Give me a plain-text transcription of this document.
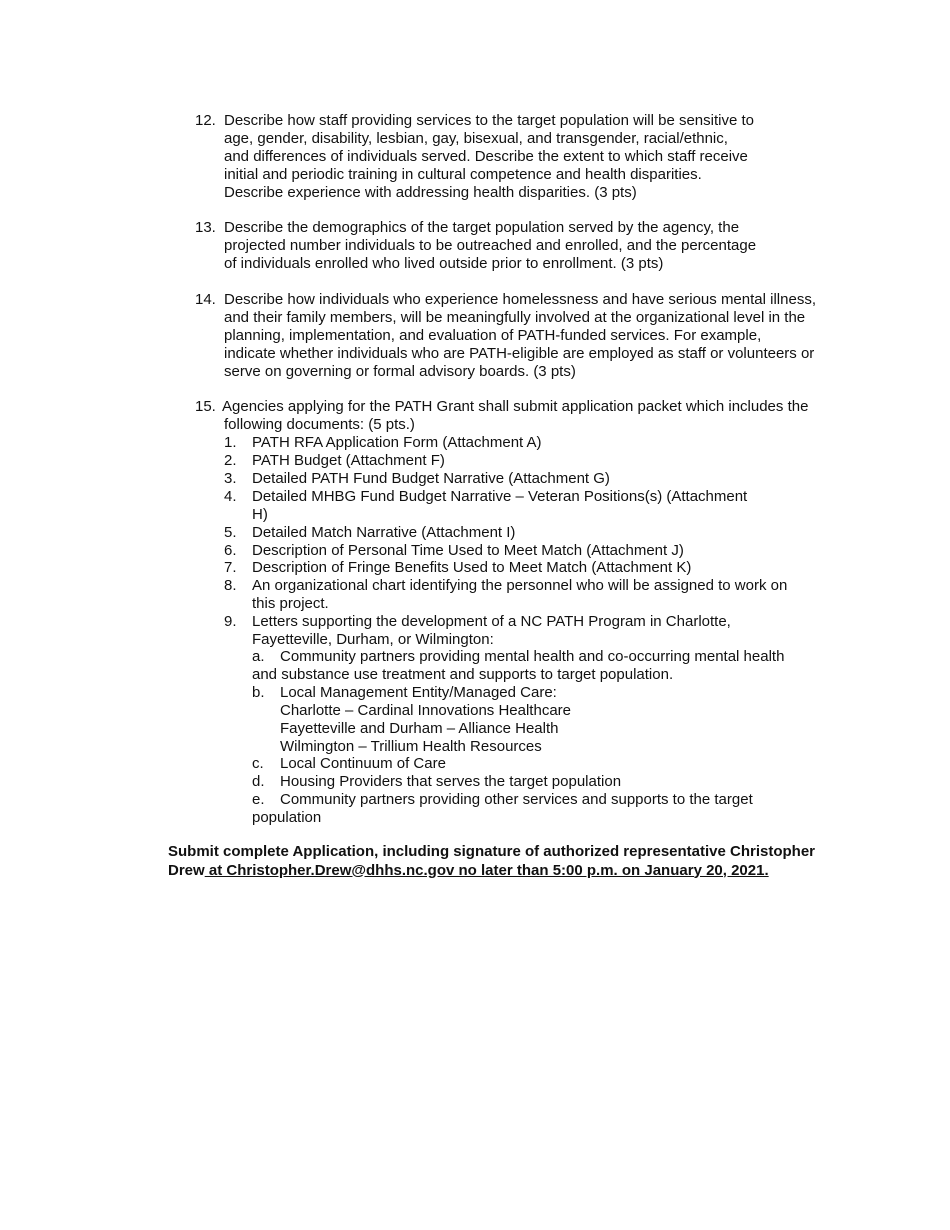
12. Describe how staff providing services to the target population will be sensitive to
age, gender, disability, lesbian, gay, bisexual, and transgender, racial/ethnic,
and differences of individuals served. Describe the extent to which staff receive
initial and periodic training in cultural competence and health disparities.
Describe experience with addressing health disparities. (3 pts)
13. Describe the demographics of the target population served by the agency, the
projected number individuals to be outreached and enrolled, and the percentage
of individuals enrolled who lived outside prior to enrollment. (3 pts)
14. Describe how individuals who experience homelessness and have serious mental illness,
and their family members, will be meaningfully involved at the organizational level in the
planning, implementation, and evaluation of PATH-funded services. For example,
indicate whether individuals who are PATH-eligible are employed as staff or volunteers or
serve on governing or formal advisory boards. (3 pts)
15. Agencies applying for the PATH Grant shall submit application packet which includes the
following documents: (5 pts.)
1. PATH RFA Application Form (Attachment A)
2. PATH Budget (Attachment F)
3. Detailed PATH Fund Budget Narrative (Attachment G)
4. Detailed MHBG Fund Budget Narrative – Veteran Positions(s) (Attachment
H)
5. Detailed Match Narrative (Attachment I)
6. Description of Personal Time Used to Meet Match (Attachment J)
7. Description of Fringe Benefits Used to Meet Match (Attachment K)
8. An organizational chart identifying the personnel who will be assigned to work on
this project.
9. Letters supporting the development of a NC PATH Program in Charlotte,
Fayetteville, Durham, or Wilmington:
a. Community partners providing mental health and co-occurring mental health
and substance use treatment and supports to target population.
b. Local Management Entity/Managed Care:
Charlotte – Cardinal Innovations Healthcare
Fayetteville and Durham – Alliance Health
Wilmington – Trillium Health Resources
c. Local Continuum of Care
d. Housing Providers that serves the target population
e. Community partners providing other services and supports to the target
population
Submit complete Application, including signature of authorized representative Christopher
Drew at Christopher.Drew@dhhs.nc.gov no later than 5:00 p.m. on January 20, 2021.
